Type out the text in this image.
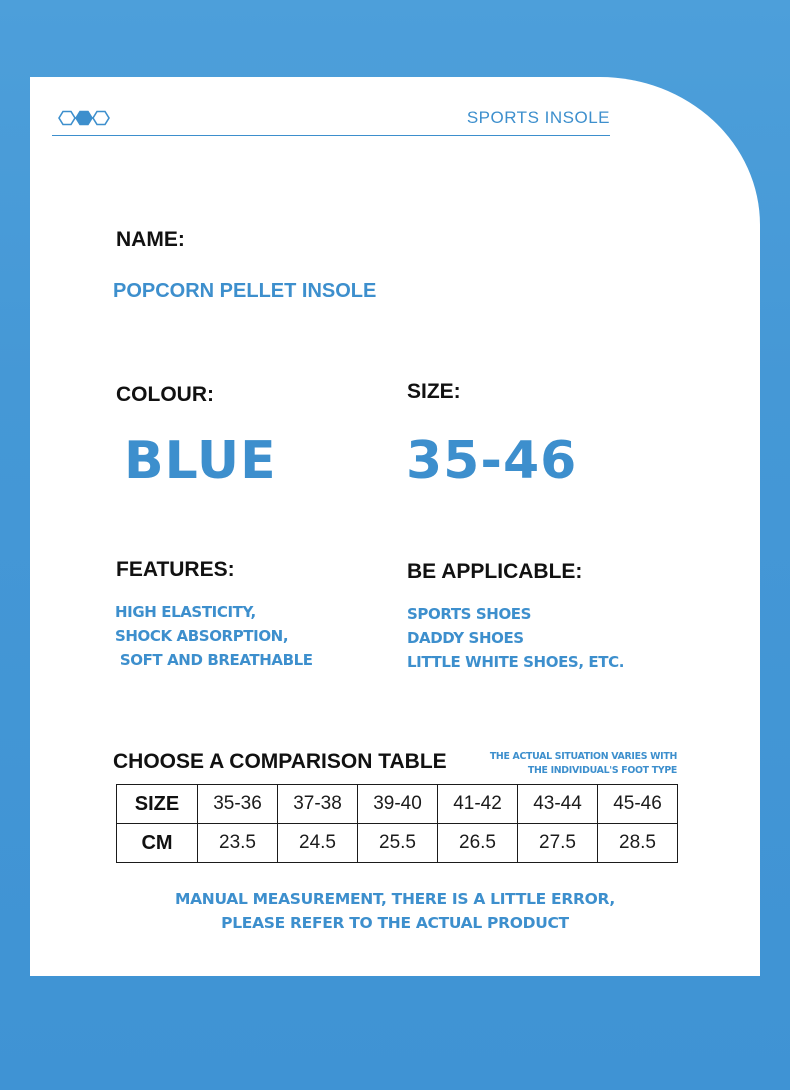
SPORTS INSOLE
NAME:
POPCORN PELLET INSOLE
COLOUR:
BLUE
SIZE:
35-46
FEATURES:
HIGH ELASTICITY,
SHOCK ABSORPTION,
SOFT AND BREATHABLE
BE APPLICABLE:
SPORTS SHOES
DADDY SHOES
LITTLE WHITE SHOES, ETC.
CHOOSE A COMPARISON TABLE	THE ACTUAL SITUATION VARIES WITH
THE INDIVIDUAL'S FOOT TYPE
SIZE	35-36	37-38	39-40	41-42	43-44	45-46
CM	23.5	24.5	25.5	26.5	27.5	28.5
MANUAL MEASUREMENT, THERE IS A LITTLE ERROR,
PLEASE REFER TO THE ACTUAL PRODUCT
